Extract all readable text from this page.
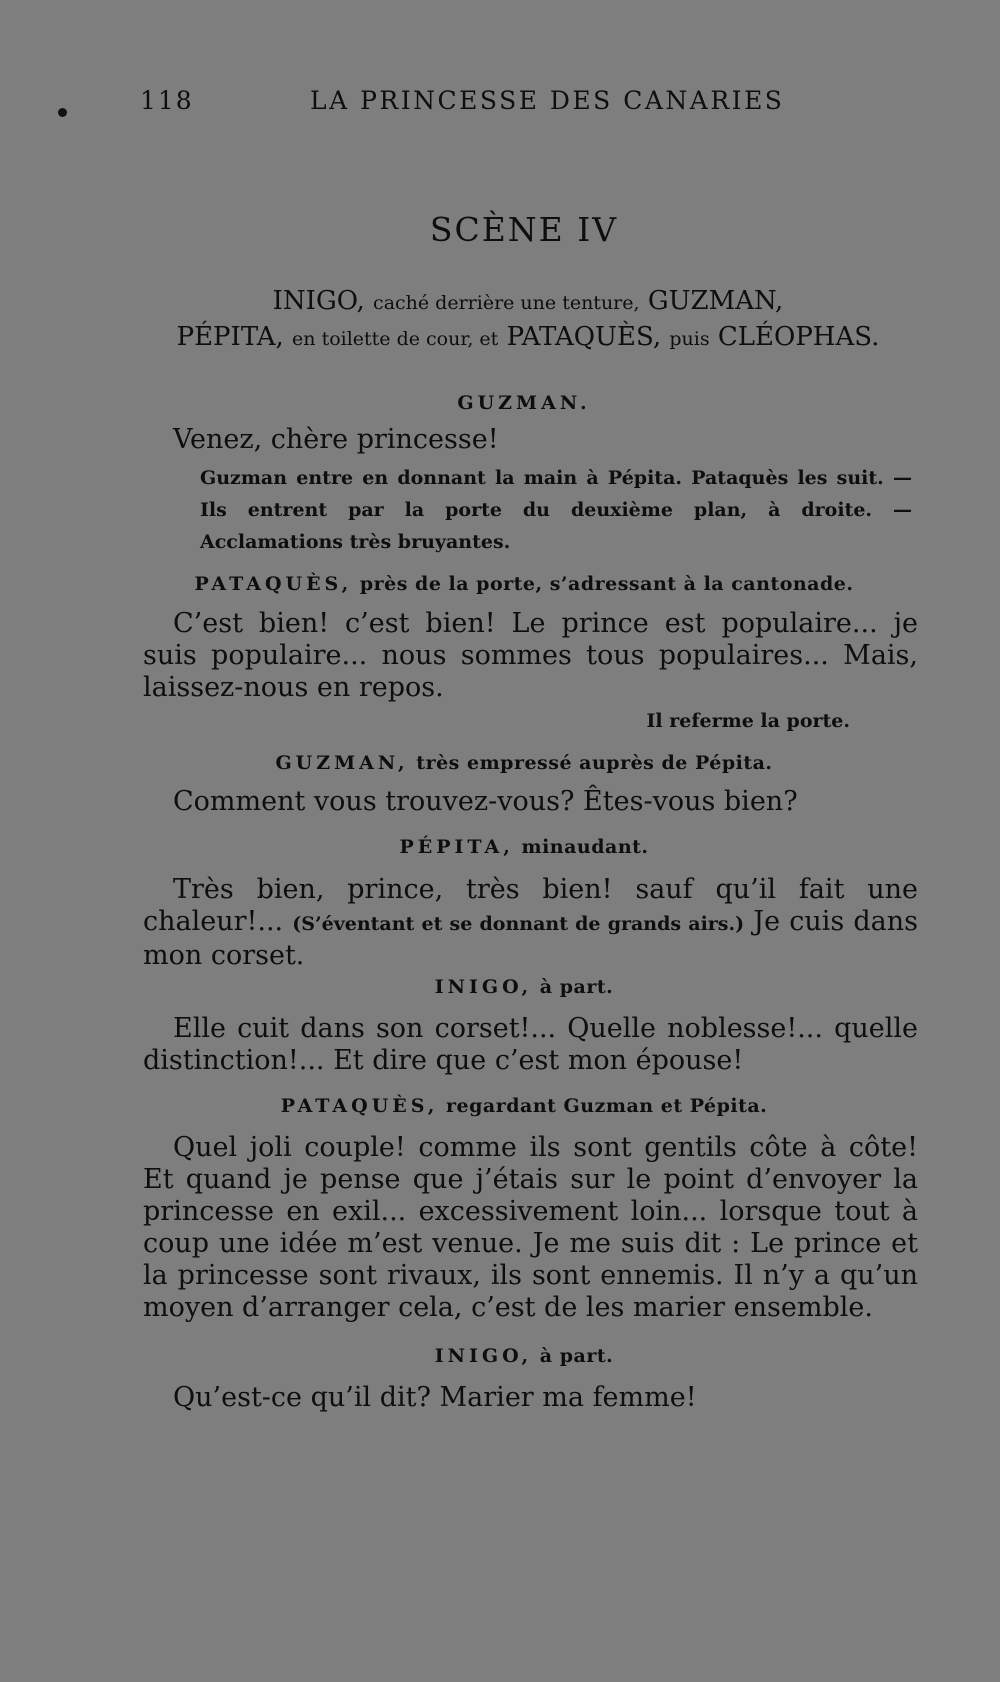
118	LA PRINCESSE DES CANARIES
SCÈNE IV
INIGO, caché derrière une tenture, GUZMAN,
PÉPITA, en toilette de cour, et PATAQUÈS, puis CLÉOPHAS.
GUZMAN.
Venez, chère princesse!
Guzman entre en donnant la main à Pépita. Pataquès les suit. — Ils entrent par la porte du deuxième plan, à droite. — Acclamations très bruyantes.
PATAQUÈS, près de la porte, s’adressant à la cantonade.
C’est bien! c’est bien! Le prince est populaire... je suis populaire... nous sommes tous populaires... Mais, laissez-nous en repos.
Il referme la porte.
GUZMAN, très empressé auprès de Pépita.
Comment vous trouvez-vous? Êtes-vous bien?
PÉPITA, minaudant.
Très bien, prince, très bien! sauf qu’il fait une chaleur!... (S’éventant et se donnant de grands airs.) Je cuis dans mon corset.
INIGO, à part.
Elle cuit dans son corset!... Quelle noblesse!... quelle distinction!... Et dire que c’est mon épouse!
PATAQUÈS, regardant Guzman et Pépita.
Quel joli couple! comme ils sont gentils côte à côte! Et quand je pense que j’étais sur le point d’envoyer la princesse en exil... excessivement loin... lorsque tout à coup une idée m’est venue. Je me suis dit : Le prince et la princesse sont rivaux, ils sont ennemis. Il n’y a qu’un moyen d’arranger cela, c’est de les marier ensemble.
INIGO, à part.
Qu’est-ce qu’il dit? Marier ma femme!
